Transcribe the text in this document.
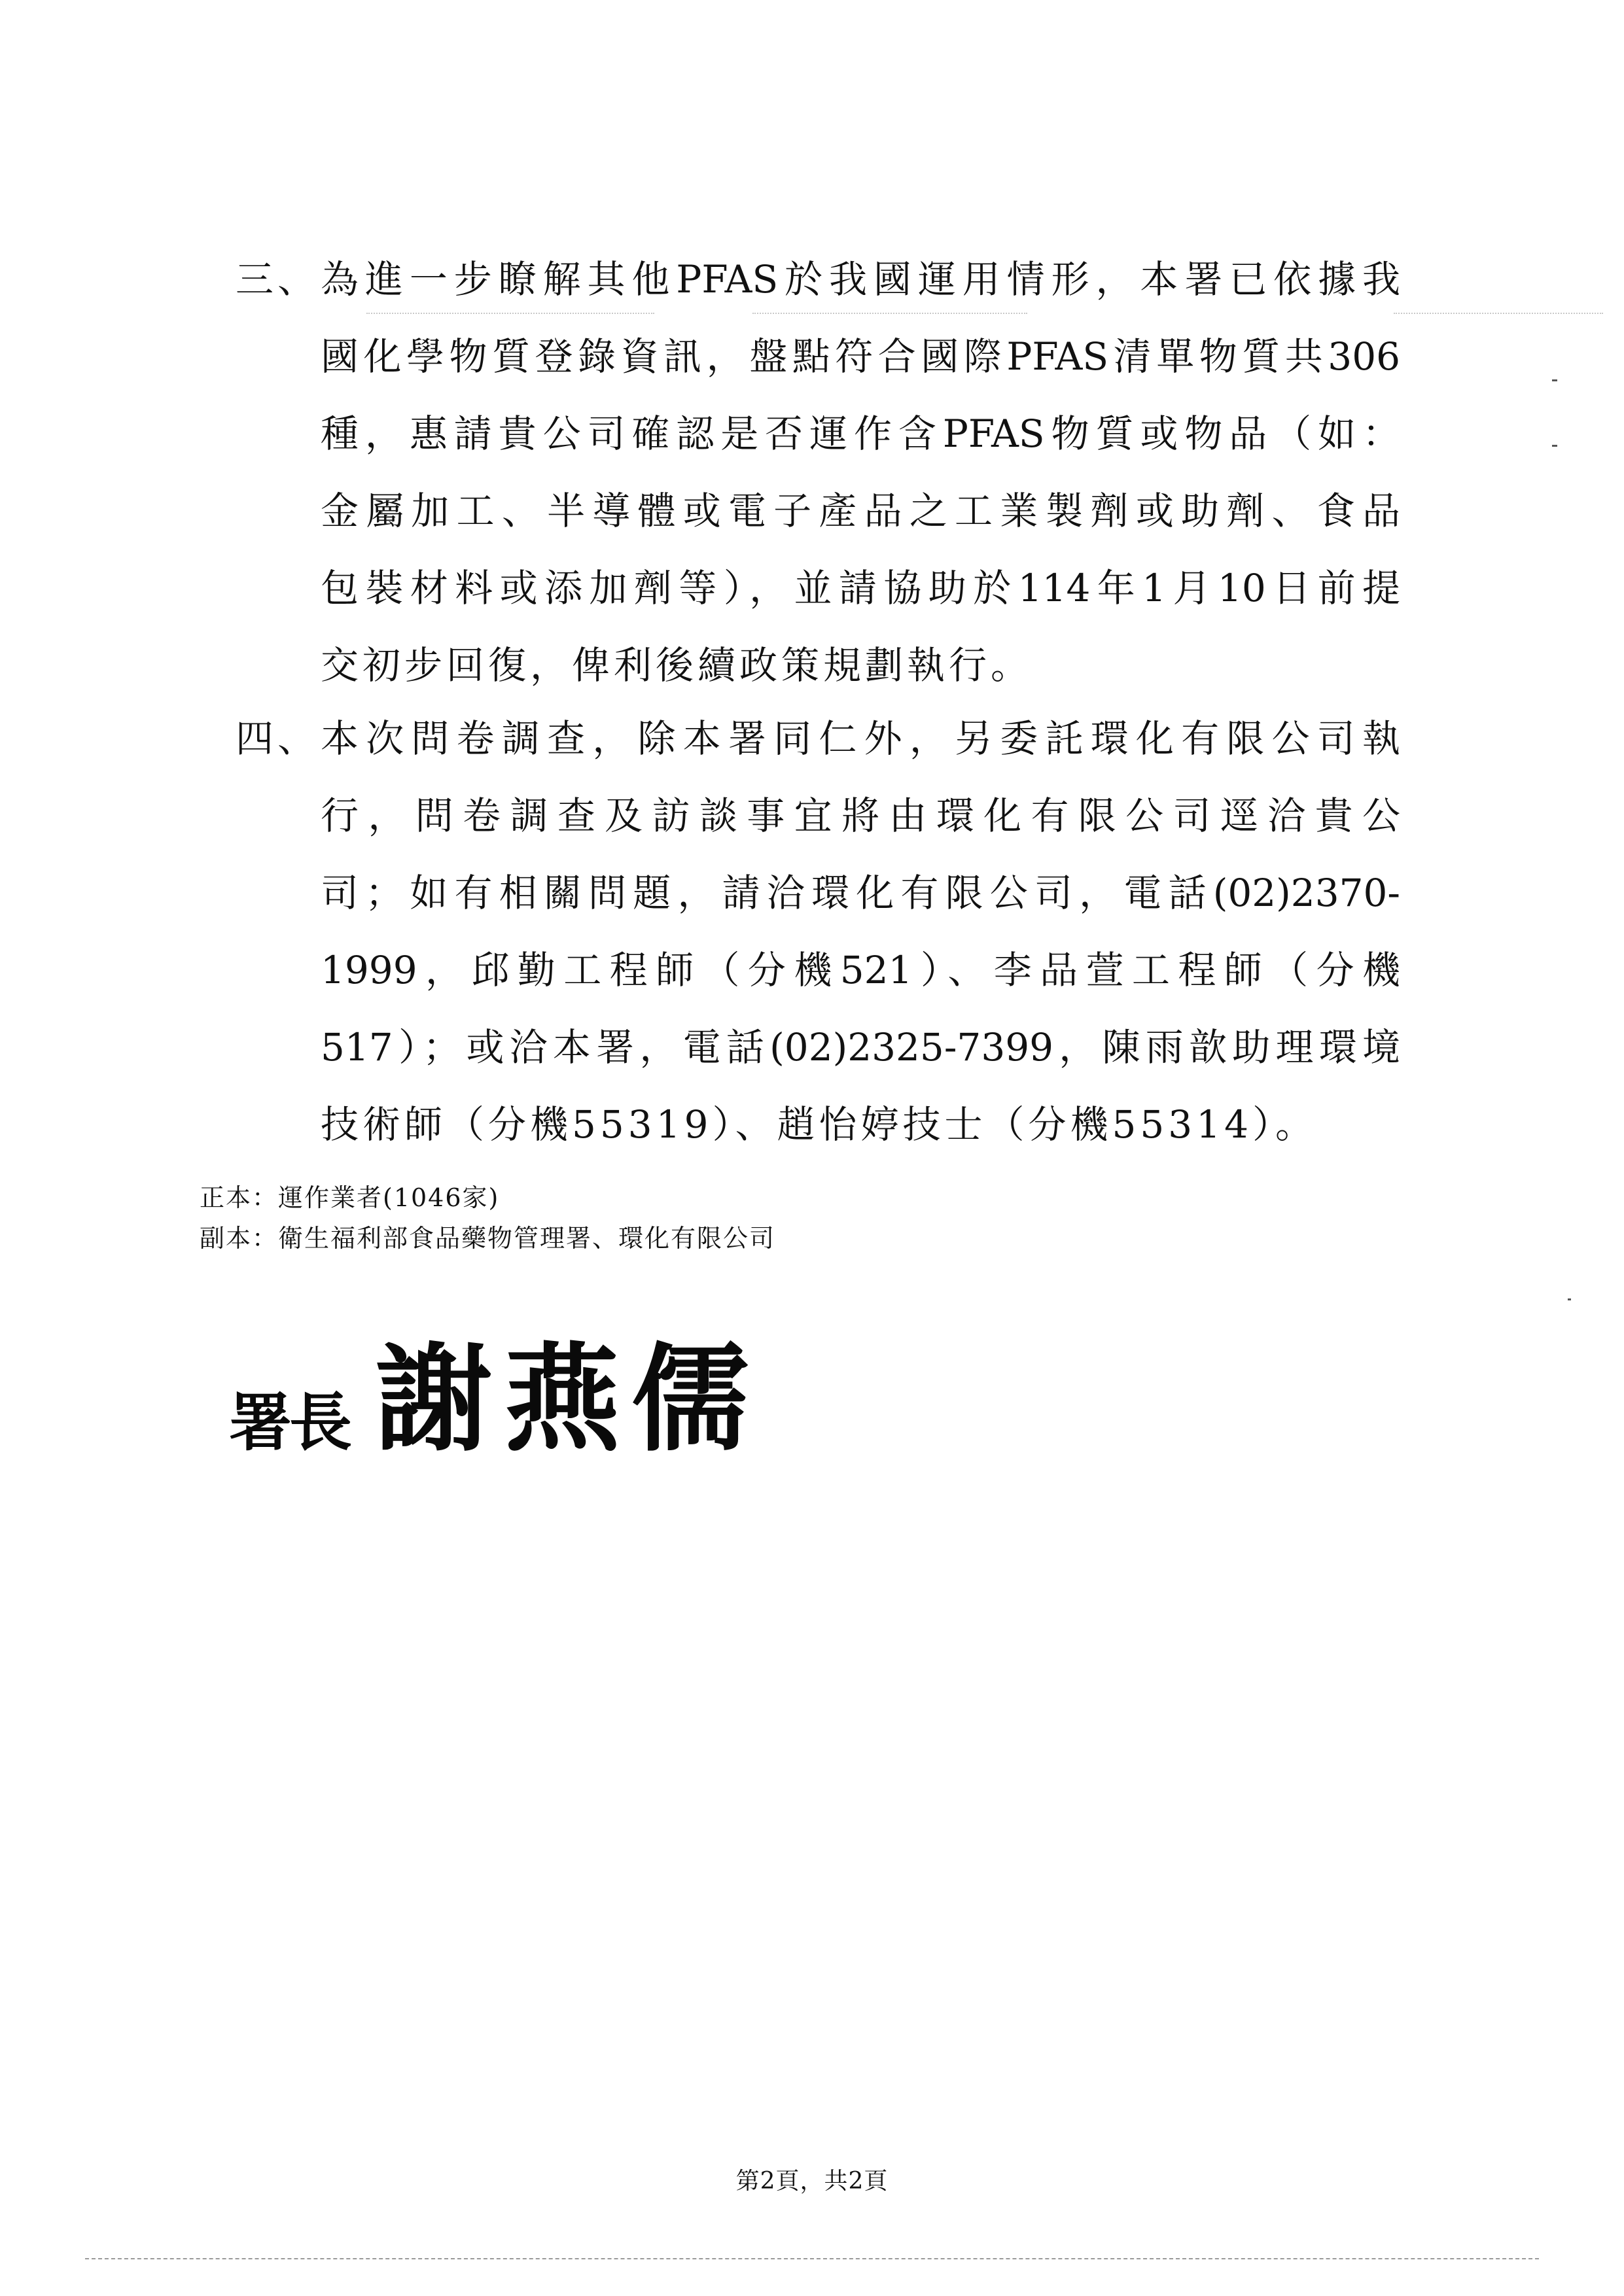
三、 為進一步瞭解其他PFAS於我國運用情形，本署已依據我
國化學物質登錄資訊，盤點符合國際PFAS清單物質共306
種，惠請貴公司確認是否運作含PFAS物質或物品（如：
金屬加工、半導體或電子產品之工業製劑或助劑、食品
包裝材料或添加劑等），並請協助於114年1月10日前提
交初步回復，俾利後續政策規劃執行。
四、 本次問卷調查，除本署同仁外，另委託環化有限公司執
行，問卷調查及訪談事宜將由環化有限公司逕洽貴公
司；如有相關問題，請洽環化有限公司，電話(02)2370-
1999，邱勤工程師（分機521）、李品萱工程師（分機
517）；或洽本署，電話(02)2325-7399，陳雨歆助理環境
技術師（分機55319）、趙怡婷技士（分機55314）。
正本：運作業者(1046家)
副本：衛生福利部食品藥物管理署、環化有限公司
署長 謝燕儒
第2頁，共2頁
